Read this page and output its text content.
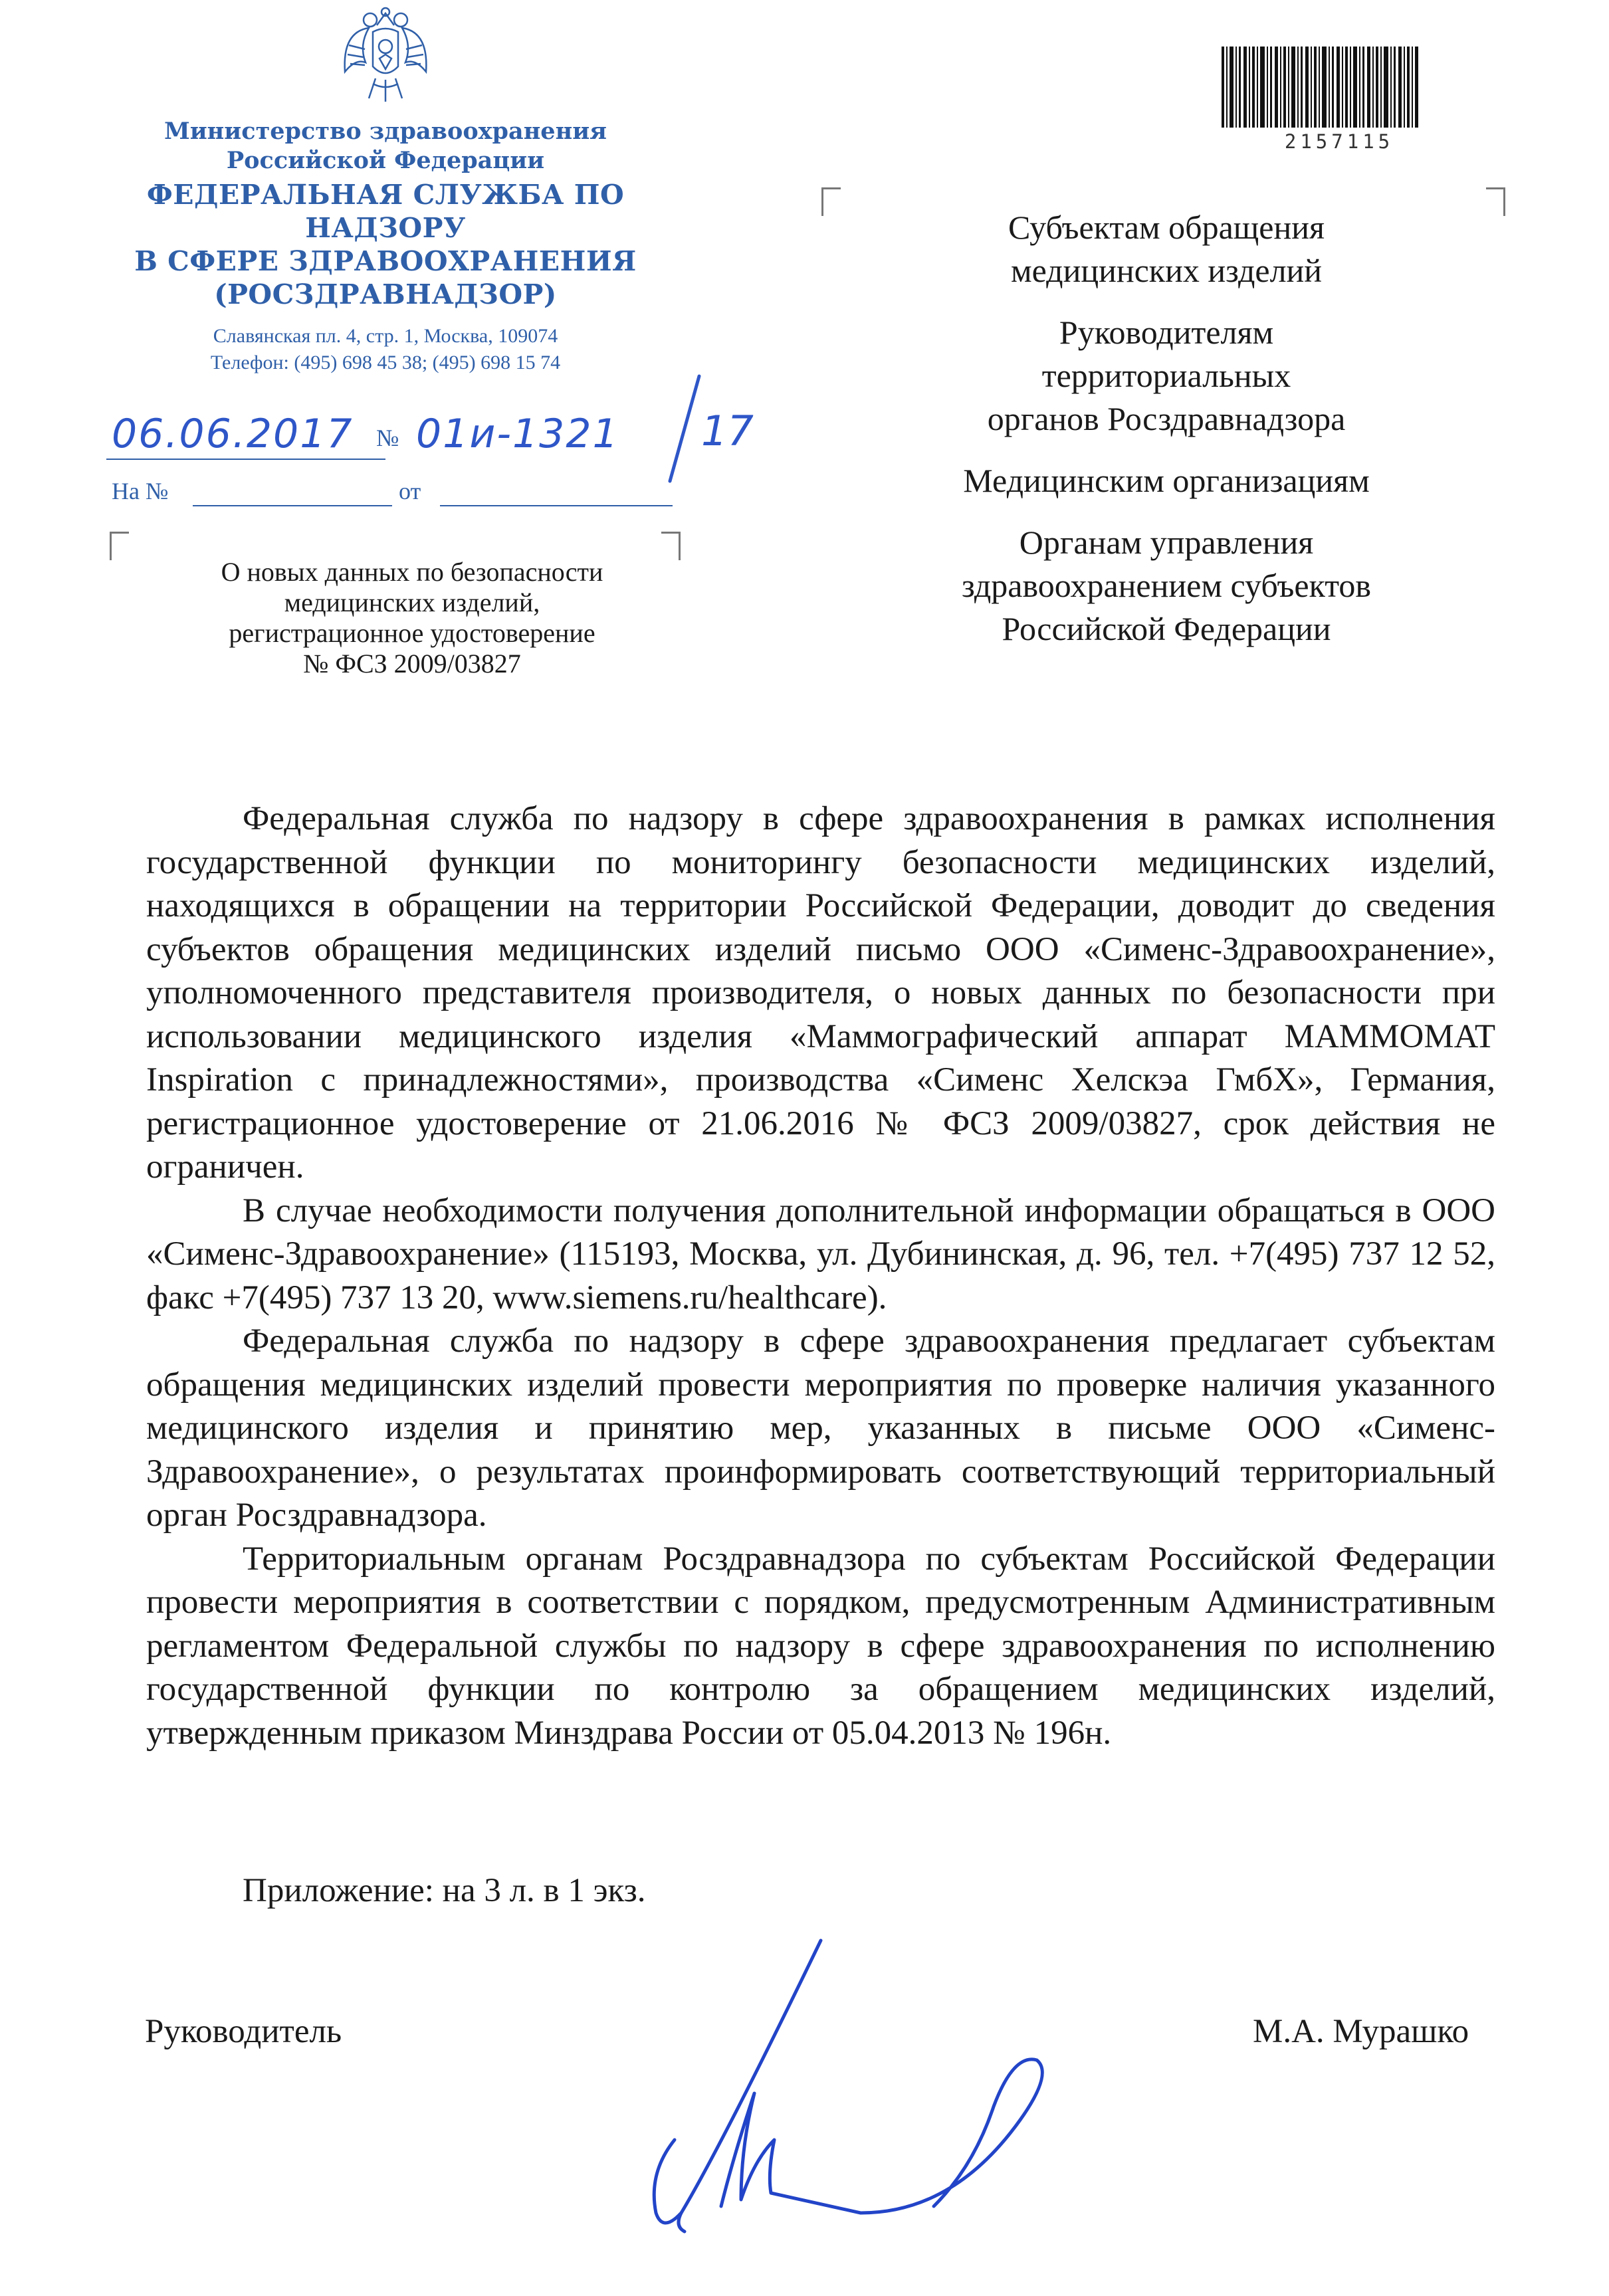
Министерство здравоохранения
Российской Федерации
ФЕДЕРАЛЬНАЯ СЛУЖБА ПО НАДЗОРУ
В СФЕРЕ ЗДРАВООХРАНЕНИЯ
(РОСЗДРАВНАДЗОР)
Славянская пл. 4, стр. 1, Москва, 109074
Телефон: (495) 698 45 38; (495) 698 15 74
06.06.2017 № 01и-1321 17
На №	от
О новых данных по безопасности
медицинских изделий,
регистрационное удостоверение
№ ФСЗ 2009/03827
2157115

Субъектам обращения
медицинских изделий

Руководителям
территориальных
органов Росздравнадзора

Медицинским организациям

Органам управления
здравоохранением субъектов
Российской Федерации

Федеральная служба по надзору в сфере здравоохранения в рамках исполнения государственной функции по мониторингу безопасности медицинских изделий, находящихся в обращении на территории Российской Федерации, доводит до сведения субъектов обращения медицинских изделий письмо ООО «Сименс-Здравоохранение», уполномоченного представителя производителя, о новых данных по безопасности при использовании медицинского изделия «Маммографический аппарат MAMMOMAT Inspiration с принадлежностями», производства «Сименс Хелскэа ГмбХ», Германия, регистрационное удостоверение от 21.06.2016 № ФСЗ 2009/03827, срок действия не ограничен.

В случае необходимости получения дополнительной информации обращаться в ООО «Сименс-Здравоохранение» (115193, Москва, ул. Дубининская, д. 96, тел. +7(495) 737 12 52, факс +7(495) 737 13 20, www.siemens.ru/healthcare).

Федеральная служба по надзору в сфере здравоохранения предлагает субъектам обращения медицинских изделий провести мероприятия по проверке наличия указанного медицинского изделия и принятию мер, указанных в письме ООО «Сименс-Здравоохранение», о результатах проинформировать соответствующий территориальный орган Росздравнадзора.

Территориальным органам Росздравнадзора по субъектам Российской Федерации провести мероприятия в соответствии с порядком, предусмотренным Административным регламентом Федеральной службы по надзору в сфере здравоохранения по исполнению государственной функции по контролю за обращением медицинских изделий, утвержденным приказом Минздрава России от 05.04.2013 № 196н.

Приложение: на 3 л. в 1 экз.
Руководитель	М.А. Мурашко
